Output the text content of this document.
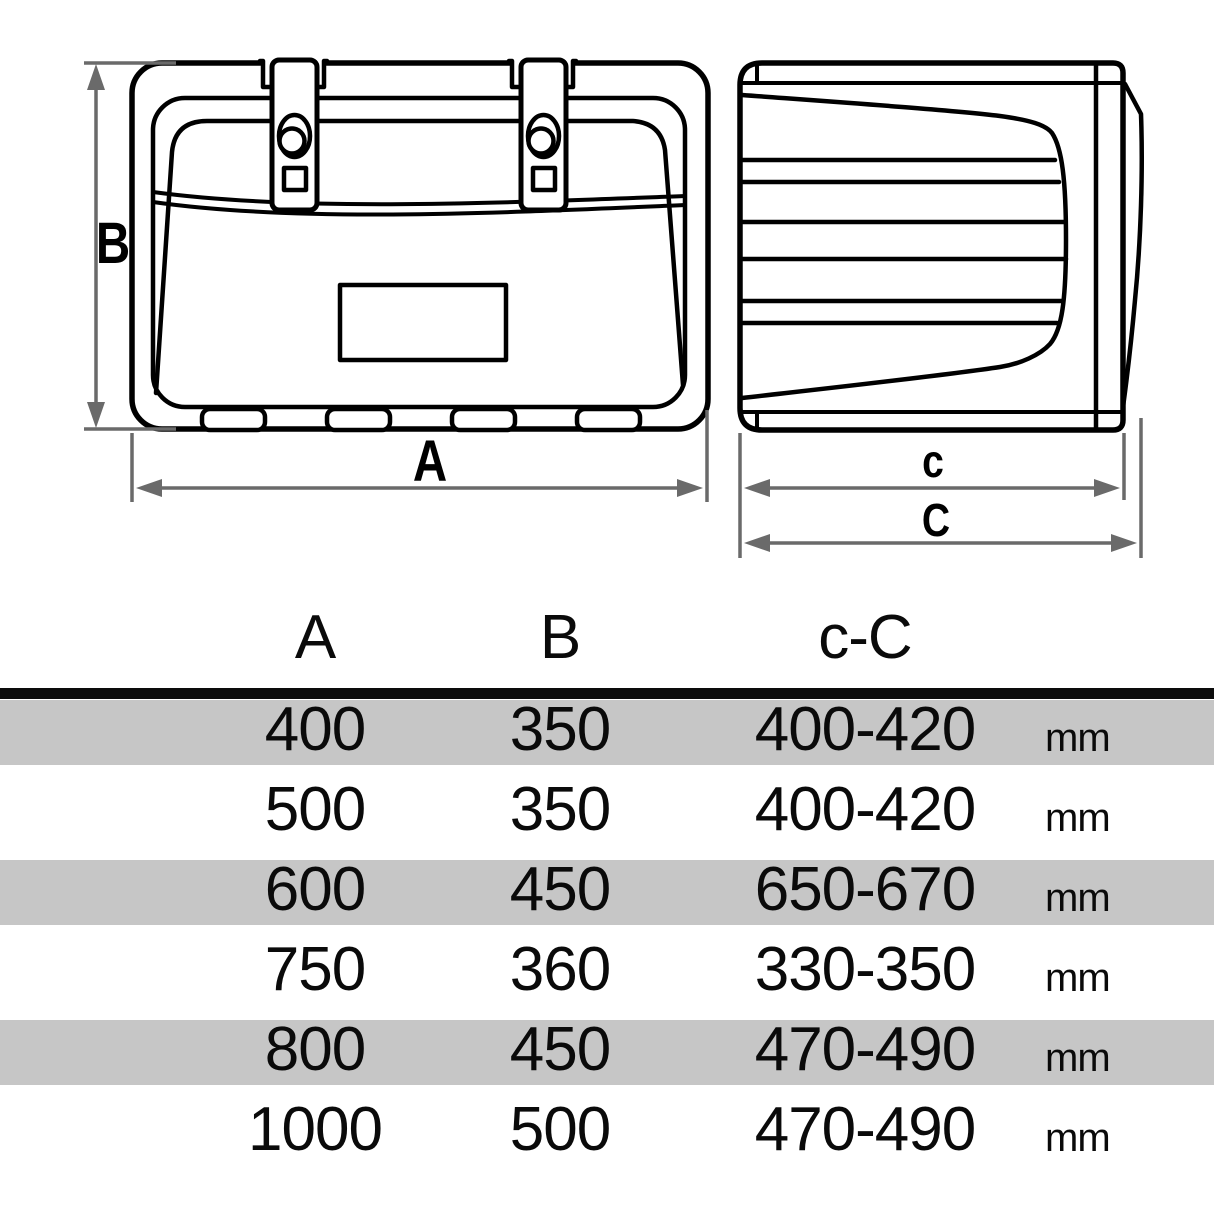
B
A	c
C
A	B	c-C
400	350	400-420	mm
500	350	400-420	mm
600	450	650-670	mm
750	360	330-350	mm
800	450	470-490	mm
1000	500	470-490	mm
